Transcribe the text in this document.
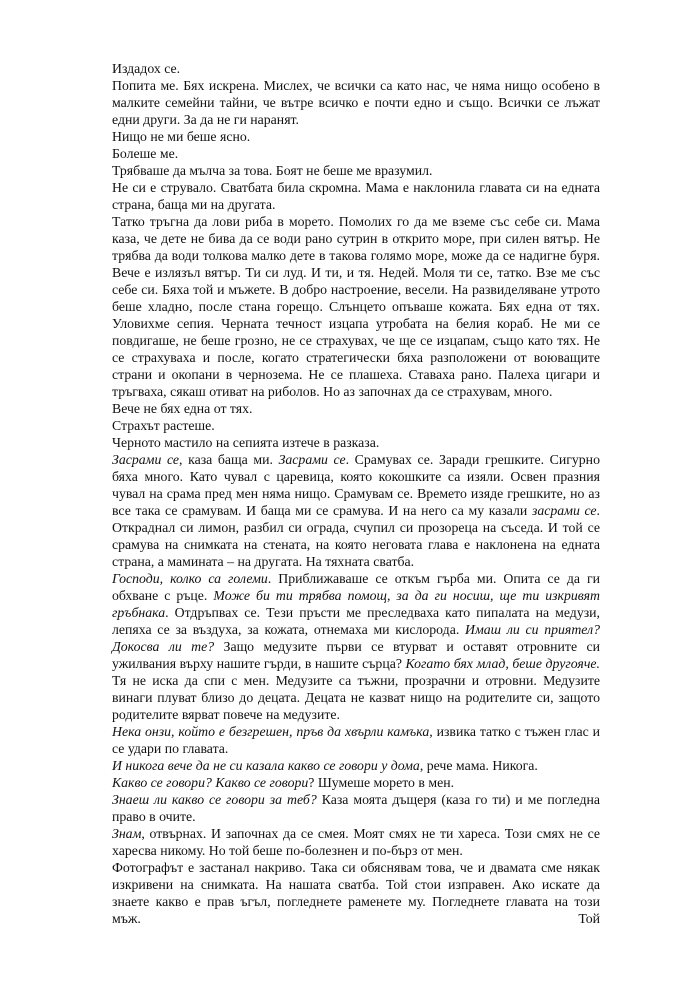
Издадох се.

Попита ме. Бях искрена. Мислех, че всички са като нас, че няма нищо особено в малките семейни тайни, че вътре всичко е почти едно и също. Всички се лъжат едни други. За да не ги наранят.

Нищо не ми беше ясно.

Болеше ме.

Трябваше да мълча за това. Боят не беше ме вразумил.

Не си е струвало. Сватбата била скромна. Мама е наклонила главата си на едната страна, баща ми на другата.

Татко тръгна да лови риба в морето. Помолих го да ме вземе със себе си. Мама каза, че дете не бива да се води рано сутрин в открито море, при силен вятър. Не трябва да води толкова малко дете в такова голямо море, може да се надигне буря. Вече е излязъл вятър. Ти си луд. И ти, и тя. Недей. Моля ти се, татко. Взе ме със себе си. Бяха той и мъжете. В добро настроение, весели. На развиделяване утрото беше хладно, после стана горещо. Слънцето опъваше кожата. Бях една от тях. Уловихме сепия. Черната течност изцапа утробата на белия кораб. Не ми се повдигаше, не беше грозно, не се страхувах, че ще се изцапам, също като тях. Не се страхуваха и после, когато стратегически бяха разположени от воюващите страни и окопани в черноземa. Не се плашеха. Ставаха рано. Палеха цигари и тръгваха, сякаш отиват на риболов. Но аз започнах да се страхувам, много.

Вече не бях една от тях.

Страхът растеше.

Черното мастило на сепията изтече в разказа.

Засрами се, каза баща ми. Засрами се. Срамувах се. Заради грешките. Сигурно бяха много. Като чувал с царевица, която кокошките са изяли. Освен празния чувал на срама пред мен няма нищо. Срамувам се. Времето изяде грешките, но аз все така се срамувам. И баща ми се срамува. И на него са му казали засрами се. Откраднал си лимон, разбил си ограда, счупил си прозореца на съседа. И той се срамува на снимката на стената, на която неговата глава е наклонена на едната страна, а мамината – на другата. На тяхната сватба.

Господи, колко са големи. Приближаваше се откъм гърба ми. Опита се да ги обхване с ръце. Може би ти трябва помощ, за да ги носиш, ще ти изкривят гръбнака. Отдръпвах се. Тези пръсти ме преследваха като пипалата на медузи, лепяха се за въздуха, за кожата, отнемаха ми кислорода. Имаш ли си приятел? Докосва ли те? Защо медузите първи се втурват и оставят отровните си ужилвания върху нашите гърди, в нашите сърца? Когато бях млад, беше другояче. Тя не иска да спи с мен. Медузите са тъжни, прозрачни и отровни. Медузите винаги плуват близо до децата. Децата не казват нищо на родителите си, защото родителите вярват повече на медузите.

Нека онзи, който е безгрешен, пръв да хвърли камъка, извика татко с тъжен глас и се удари по главата.

И никога вече да не си казала какво се говори у дома, рече мама. Никога.

Какво се говори? Какво се говори? Шумеше морето в мен.

Знаеш ли какво се говори за теб? Каза моята дъщеря (каза го ти) и ме погледна право в очите.

Знам, отвърнах. И започнах да се смея. Моят смях не ти хареса. Този смях не се харесва никому. Но той беше по-болезнен и по-бърз от мен.

Фотографът е застанал накриво. Така си обяснявам това, че и двамата сме някак изкривени на снимката. На нашата сватба. Той стои изправен. Ако искате да знаете какво е прав ъгъл, погледнете раменете му. Погледнете главата на този мъж. Той
